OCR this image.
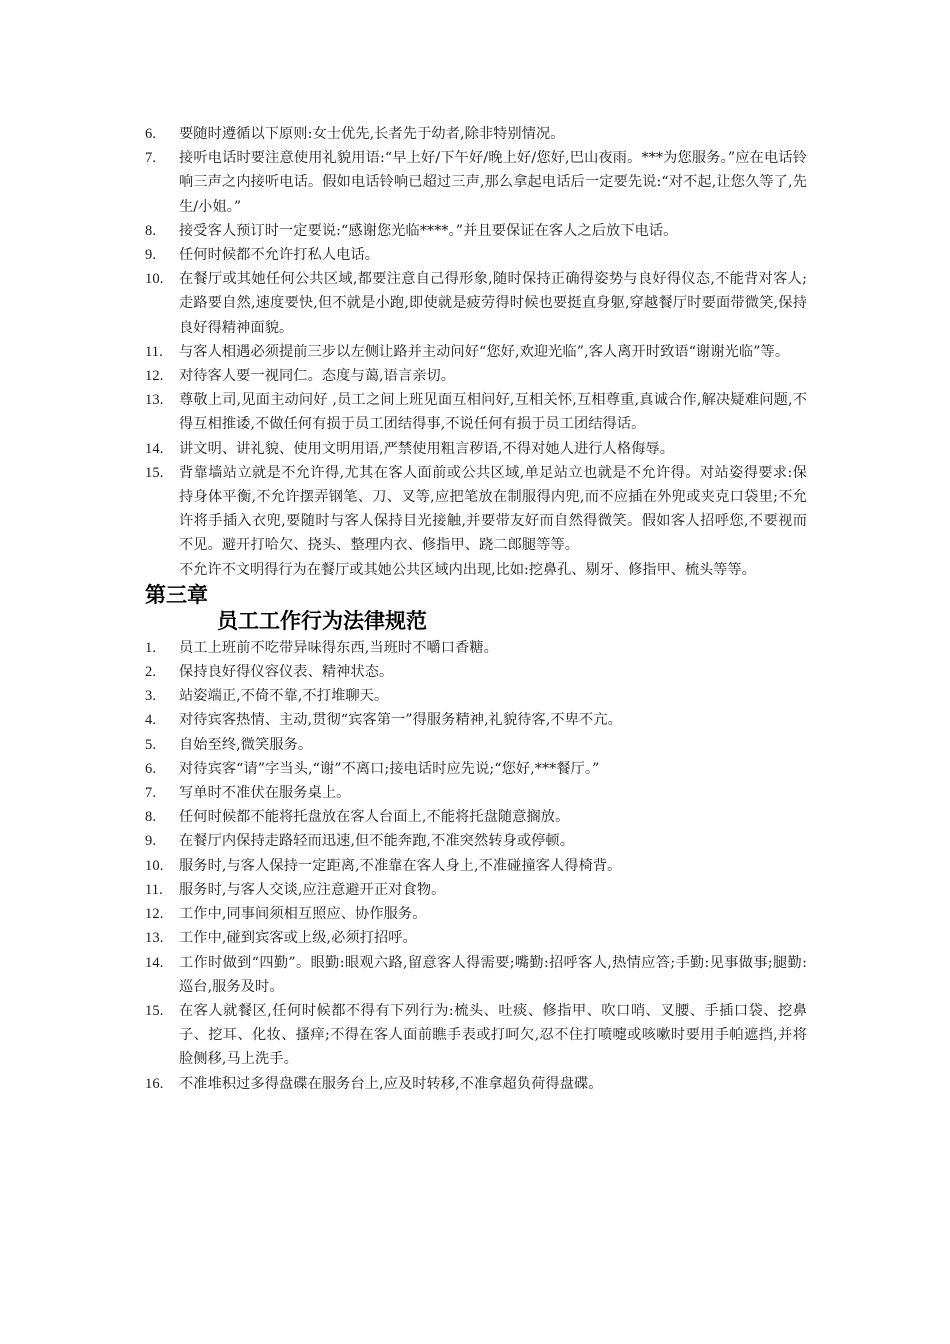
6.	要随时遵循以下原则:女士优先,长者先于幼者,除非特别情况。
7.	接听电话时要注意使用礼貌用语:“早上好/下午好/晚上好/您好,巴山夜雨。***为您服务。”应在电话铃响三声之内接听电话。假如电话铃响已超过三声,那么拿起电话后一定要先说:“对不起,让您久等了,先生/小姐。”
8.	接受客人预订时一定要说:“感谢您光临****。”并且要保证在客人之后放下电话。
9.	任何时候都不允许打私人电话。
10.	在餐厅或其她任何公共区域,都要注意自己得形象,随时保持正确得姿势与良好得仪态,不能背对客人;走路要自然,速度要快,但不就是小跑,即使就是疲劳得时候也要挺直身躯,穿越餐厅时要面带微笑,保持良好得精神面貌。
11.	与客人相遇必须提前三步以左侧让路并主动问好“您好,欢迎光临”,客人离开时致语“谢谢光临”等。
12.	对待客人要一视同仁。态度与蔼,语言亲切。
13.	尊敬上司,见面主动问好 ,员工之间上班见面互相问好,互相关怀,互相尊重,真诚合作,解决疑难问题,不得互相推诿,不做任何有损于员工团结得事,不说任何有损于员工团结得话。
14.	讲文明、讲礼貌、使用文明用语,严禁使用粗言秽语,不得对她人进行人格侮辱。
15.	背靠墙站立就是不允许得,尤其在客人面前或公共区域,单足站立也就是不允许得。对站姿得要求:保持身体平衡,不允许摆弄钢笔、刀、叉等,应把笔放在制服得内兜,而不应插在外兜或夹克口袋里;不允许将手插入衣兜,要随时与客人保持目光接触,并要带友好而自然得微笑。假如客人招呼您,不要视而不见。避开打哈欠、挠头、整理内衣、修指甲、跷二郎腿等等。
不允许不文明得行为在餐厅或其她公共区域内出现,比如:挖鼻孔、剔牙、修指甲、梳头等等。
第三章
员工工作行为法律规范
1.	员工上班前不吃带异味得东西,当班时不嚼口香糖。
2.	保持良好得仪容仪表、精神状态。
3.	站姿端正,不倚不靠,不打堆聊天。
4.	对待宾客热情、主动,贯彻“宾客第一”得服务精神,礼貌待客,不卑不亢。
5.	自始至终,微笑服务。
6.	对待宾客“请”字当头,“谢”不离口;接电话时应先说;“您好,***餐厅。”
7.	写单时不准伏在服务桌上。
8.	任何时候都不能将托盘放在客人台面上,不能将托盘随意搁放。
9.	在餐厅内保持走路轻而迅速,但不能奔跑,不准突然转身或停顿。
10.	服务时,与客人保持一定距离,不准靠在客人身上,不准碰撞客人得椅背。
11.	服务时,与客人交谈,应注意避开正对食物。
12.	工作中,同事间须相互照应、协作服务。
13.	工作中,碰到宾客或上级,必须打招呼。
14.	工作时做到“四勤”。眼勤:眼观六路,留意客人得需要;嘴勤:招呼客人,热情应答;手勤:见事做事;腿勤:巡台,服务及时。
15.	在客人就餐区,任何时候都不得有下列行为:梳头、吐痰、修指甲、吹口哨、叉腰、手插口袋、挖鼻子、挖耳、化妆、搔痒;不得在客人面前瞧手表或打呵欠,忍不住打喷嚏或咳嗽时要用手帕遮挡,并将脸侧移,马上洗手。
16.	不准堆积过多得盘碟在服务台上,应及时转移,不准拿超负荷得盘碟。
